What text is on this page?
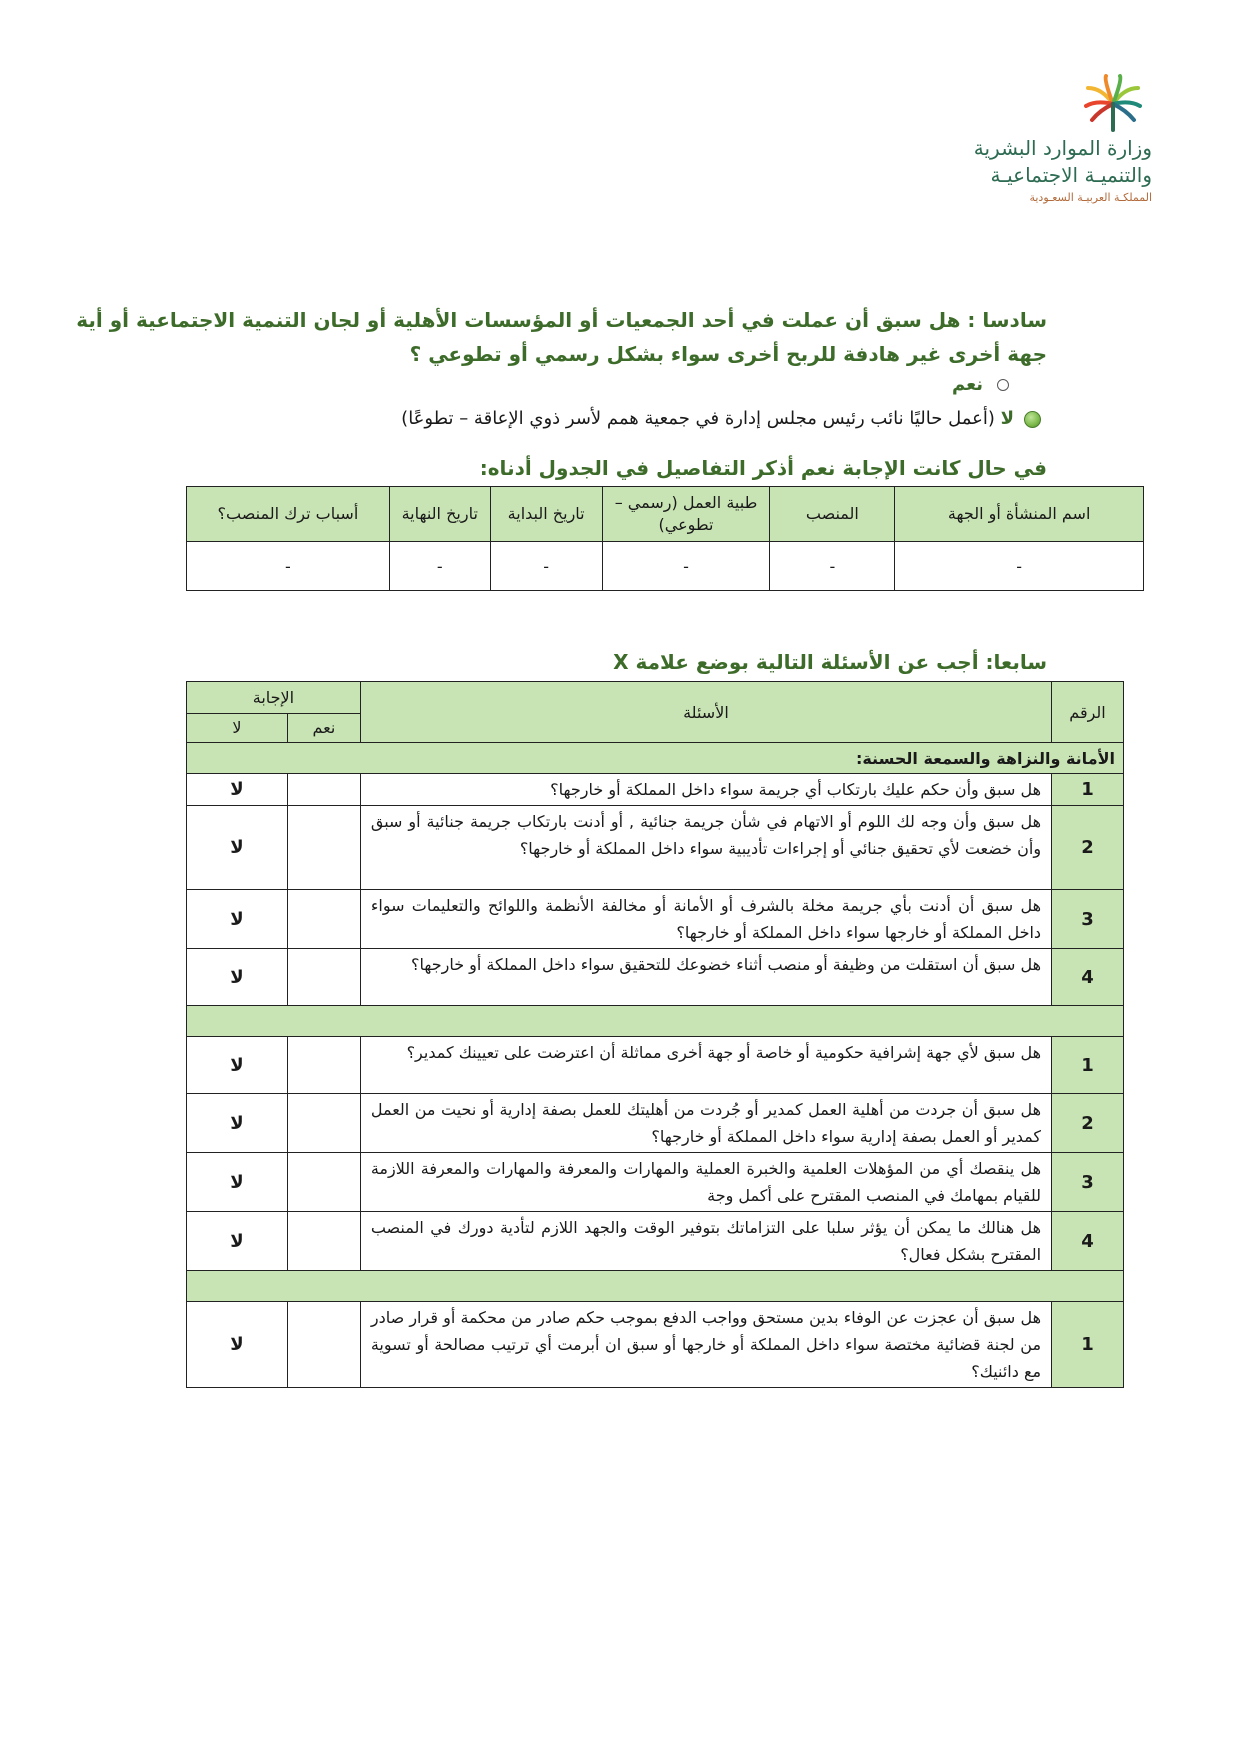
وزارة الموارد البشرية
والتنميـة الاجتماعيـة
المملكـة العربيـة السعـودية
سادسا : هل سبق أن عملت في أحد الجمعيات أو المؤسسات الأهلية أو لجان التنمية الاجتماعية أو أية
جهة أخرى غير هادفة للربح أخرى سواء بشكل رسمي أو تطوعي ؟
نعم
لا (أعمل حاليًا نائب رئيس مجلس إدارة في جمعية همم لأسر ذوي الإعاقة – تطوعًا)
في حال كانت الإجابة نعم أذكر التفاصيل في الجدول أدناه:
اسم المنشأة أو الجهة	المنصب	طبية العمل (رسمي – تطوعي)	تاريخ البداية	تاريخ النهاية	أسباب ترك المنصب؟
-	-	-	-	-	-
سابعا: أجب عن الأسئلة التالية بوضع علامة X
الرقم	الأسئلة	الإجابة	
		نعم	لا
الأمانة والنزاهة والسمعة الحسنة:			
1	هل سبق وأن حكم عليك بارتكاب أي جريمة سواء داخل المملكة أو خارجها؟		لا
2	هل سبق وأن وجه لك اللوم أو الاتهام في شأن جريمة جنائية , أو أدنت بارتكاب جريمة جنائية أو سبق وأن خضعت لأي تحقيق جنائي أو إجراءات تأديبية سواء داخل المملكة أو خارجها؟		لا
3	هل سبق أن أدنت بأي جريمة مخلة بالشرف أو الأمانة أو مخالفة الأنظمة واللوائح والتعليمات سواء داخل المملكة أو خارجها سواء داخل المملكة أو خارجها؟		لا
4	هل سبق أن استقلت من وظيفة أو منصب أثناء خضوعك للتحقيق سواء داخل المملكة أو خارجها؟		لا

1	هل سبق لأي جهة إشرافية حكومية أو خاصة أو جهة أخرى مماثلة أن اعترضت على تعيينك كمدير؟		لا
2	هل سبق أن جردت من أهلية العمل كمدير أو جُردت من أهليتك للعمل بصفة إدارية أو نحيت من العمل كمدير أو العمل بصفة إدارية سواء داخل المملكة أو خارجها؟		لا
3	هل ينقصك أي من المؤهلات العلمية والخبرة العملية والمهارات والمعرفة والمهارات والمعرفة اللازمة للقيام بمهامك في المنصب المقترح على أكمل وجة		لا
4	هل هنالك ما يمكن أن يؤثر سلبا على التزاماتك بتوفير الوقت والجهد اللازم لتأدية دورك في المنصب المقترح بشكل فعال؟		لا

1	هل سبق أن عجزت عن الوفاء بدين مستحق وواجب الدفع بموجب حكم صادر من محكمة أو قرار صادر من لجنة قضائية مختصة سواء داخل المملكة أو خارجها أو سبق ان أبرمت أي ترتيب مصالحة أو تسوية مع دائنيك؟		لا
